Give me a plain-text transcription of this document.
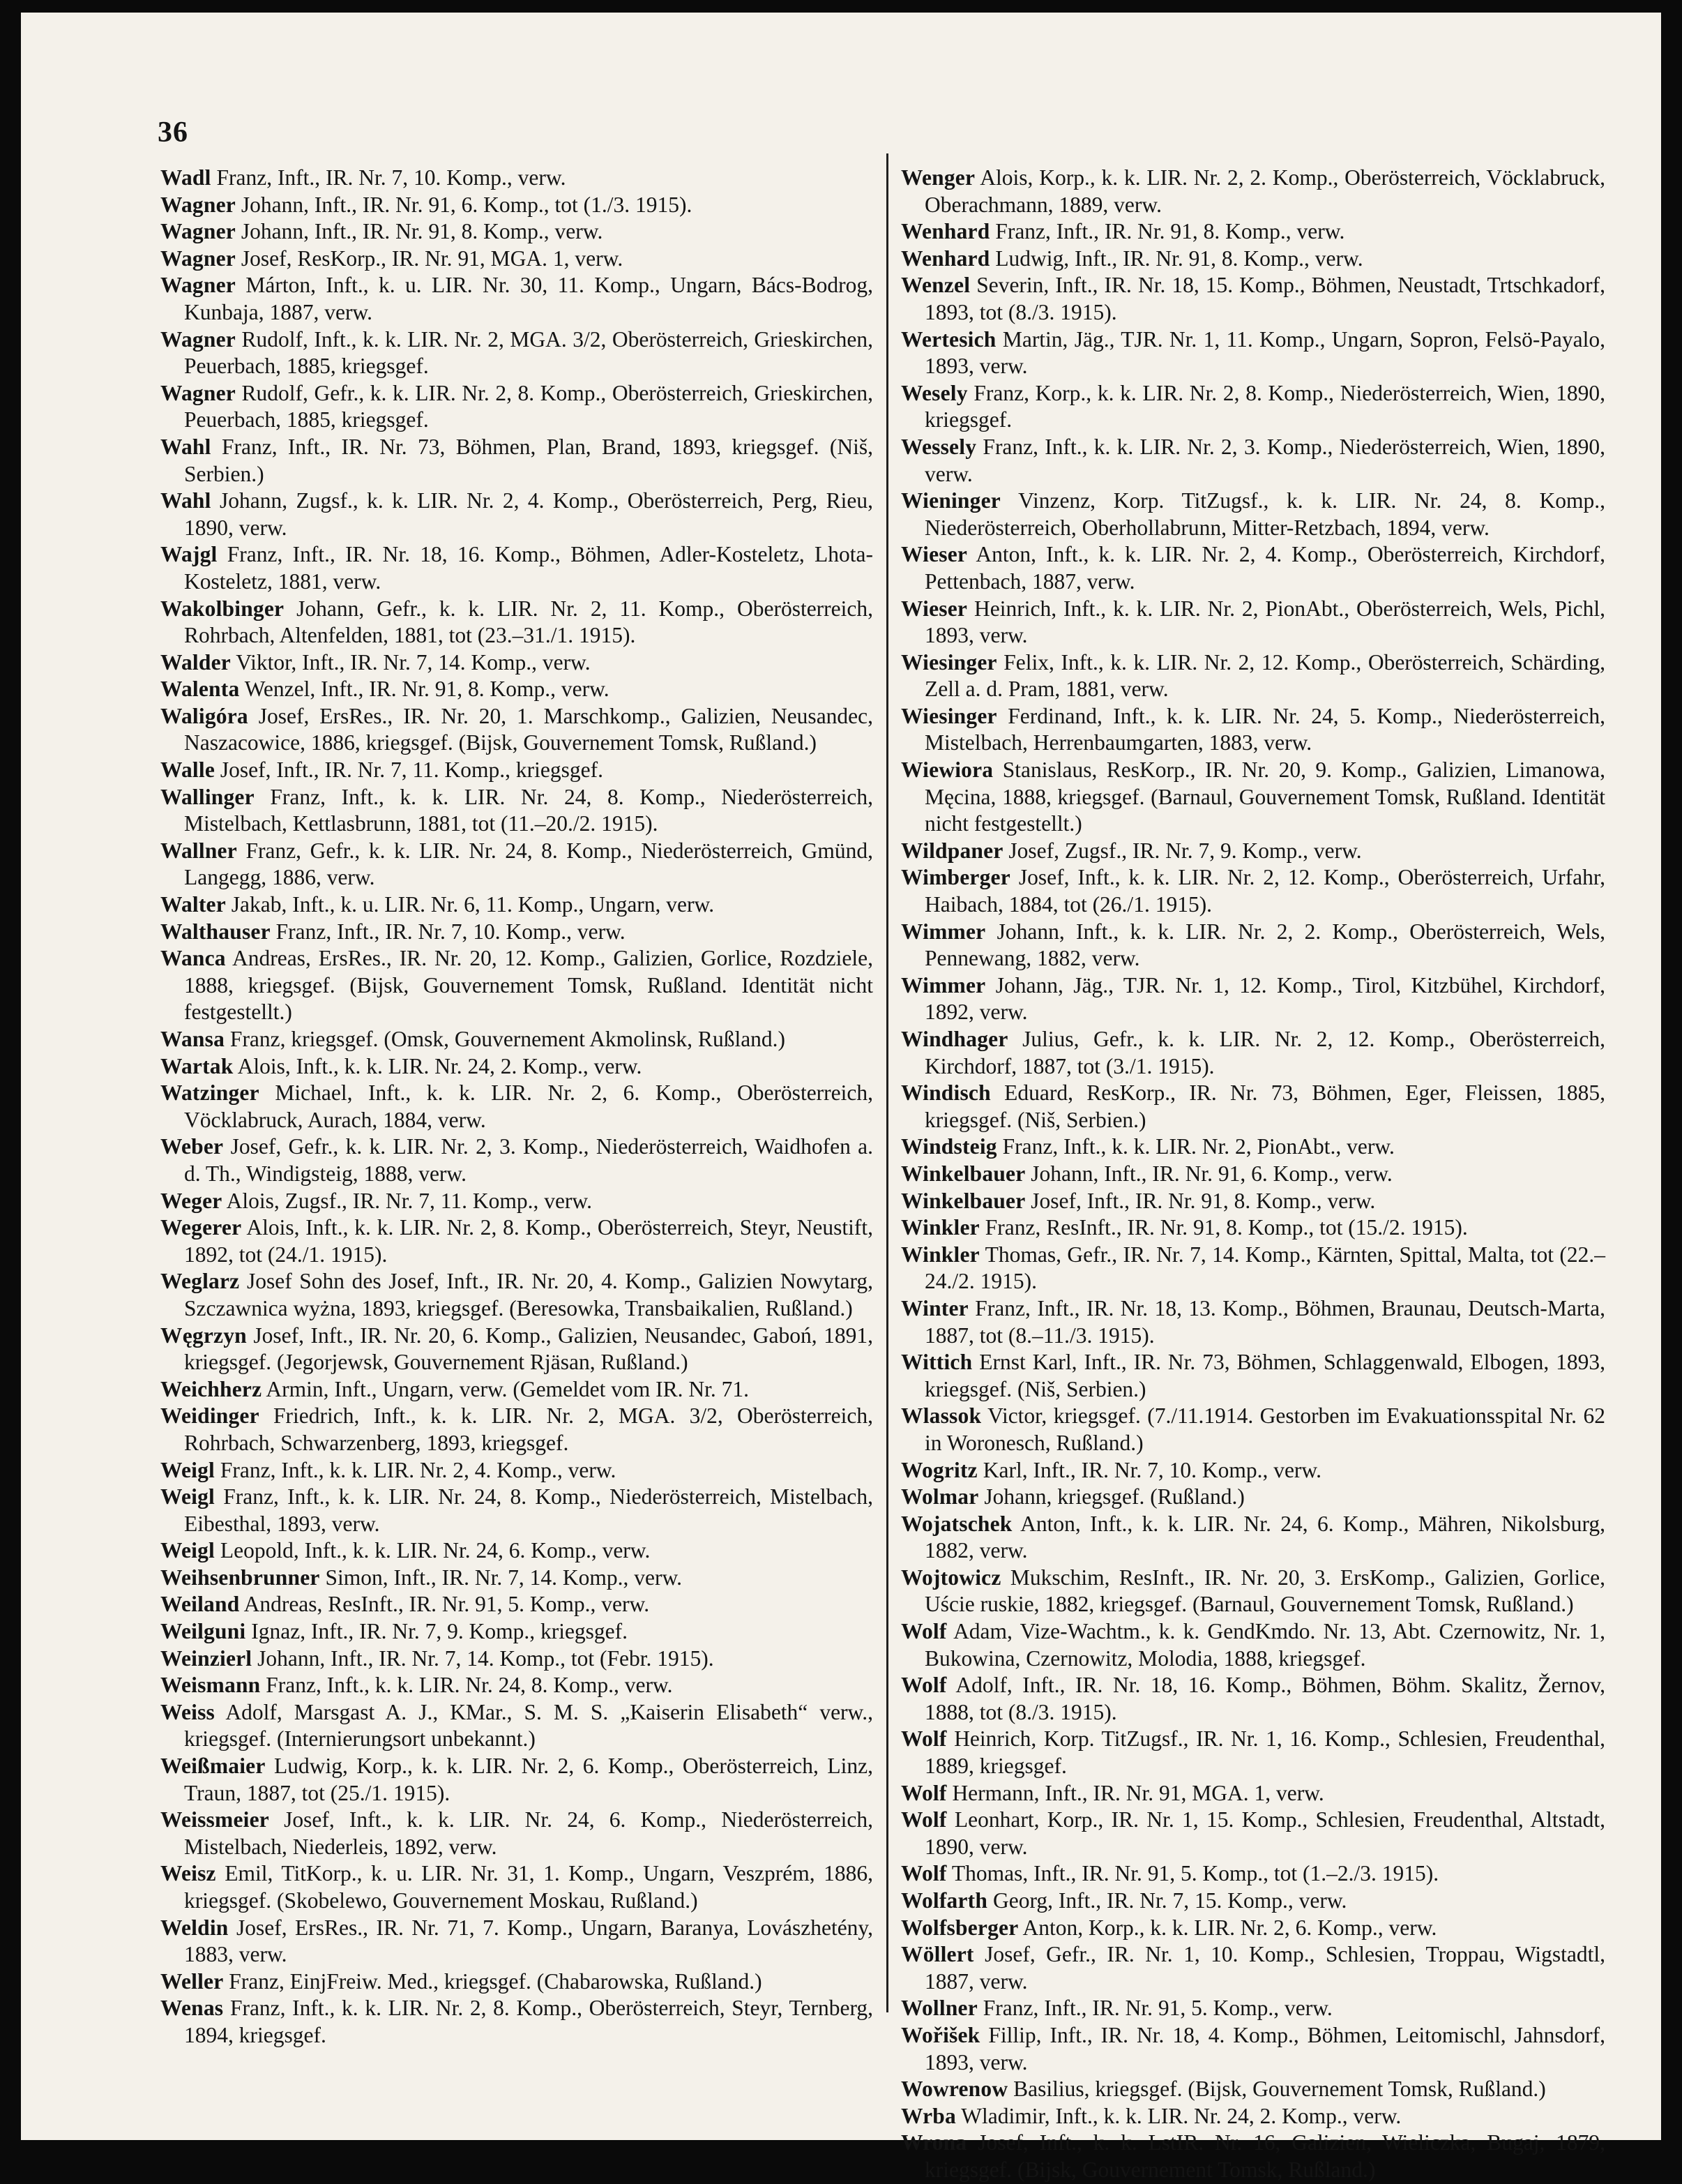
36

Wadl Franz, Inft., IR. Nr. 7, 10. Komp., verw.

Wagner Johann, Inft., IR. Nr. 91, 6. Komp., tot (1./3. 1915).

Wagner Johann, Inft., IR. Nr. 91, 8. Komp., verw.

Wagner Josef, ResKorp., IR. Nr. 91, MGA. 1, verw.

Wagner Márton, Inft., k. u. LIR. Nr. 30, 11. Komp., Ungarn, Bács-Bodrog, Kunbaja, 1887, verw.

Wagner Rudolf, Inft., k. k. LIR. Nr. 2, MGA. 3/2, Oberösterreich, Grieskirchen, Peuerbach, 1885, kriegsgef.

Wagner Rudolf, Gefr., k. k. LIR. Nr. 2, 8. Komp., Oberösterreich, Grieskirchen, Peuerbach, 1885, kriegsgef.

Wahl Franz, Inft., IR. Nr. 73, Böhmen, Plan, Brand, 1893, kriegsgef. (Niš, Serbien.)

Wahl Johann, Zugsf., k. k. LIR. Nr. 2, 4. Komp., Oberösterreich, Perg, Rieu, 1890, verw.

Wajgl Franz, Inft., IR. Nr. 18, 16. Komp., Böhmen, Adler-Kosteletz, Lhota-Kosteletz, 1881, verw.

Wakolbinger Johann, Gefr., k. k. LIR. Nr. 2, 11. Komp., Oberösterreich, Rohrbach, Altenfelden, 1881, tot (23.–31./1. 1915).

Walder Viktor, Inft., IR. Nr. 7, 14. Komp., verw.

Walenta Wenzel, Inft., IR. Nr. 91, 8. Komp., verw.

Waligóra Josef, ErsRes., IR. Nr. 20, 1. Marschkomp., Galizien, Neusandec, Naszacowice, 1886, kriegsgef. (Bijsk, Gouvernement Tomsk, Rußland.)

Walle Josef, Inft., IR. Nr. 7, 11. Komp., kriegsgef.

Wallinger Franz, Inft., k. k. LIR. Nr. 24, 8. Komp., Niederösterreich, Mistelbach, Kettlasbrunn, 1881, tot (11.–20./2. 1915).

Wallner Franz, Gefr., k. k. LIR. Nr. 24, 8. Komp., Niederösterreich, Gmünd, Langegg, 1886, verw.

Walter Jakab, Inft., k. u. LIR. Nr. 6, 11. Komp., Ungarn, verw.

Walthauser Franz, Inft., IR. Nr. 7, 10. Komp., verw.

Wanca Andreas, ErsRes., IR. Nr. 20, 12. Komp., Galizien, Gorlice, Rozdziele, 1888, kriegsgef. (Bijsk, Gouvernement Tomsk, Rußland. Identität nicht festgestellt.)

Wansa Franz, kriegsgef. (Omsk, Gouvernement Akmolinsk, Rußland.)

Wartak Alois, Inft., k. k. LIR. Nr. 24, 2. Komp., verw.

Watzinger Michael, Inft., k. k. LIR. Nr. 2, 6. Komp., Oberösterreich, Vöcklabruck, Aurach, 1884, verw.

Weber Josef, Gefr., k. k. LIR. Nr. 2, 3. Komp., Niederösterreich, Waidhofen a. d. Th., Windigsteig, 1888, verw.

Weger Alois, Zugsf., IR. Nr. 7, 11. Komp., verw.

Wegerer Alois, Inft., k. k. LIR. Nr. 2, 8. Komp., Oberösterreich, Steyr, Neustift, 1892, tot (24./1. 1915).

Weglarz Josef Sohn des Josef, Inft., IR. Nr. 20, 4. Komp., Galizien Nowytarg, Szczawnica wyżna, 1893, kriegsgef. (Beresowka, Transbaikalien, Rußland.)

Węgrzyn Josef, Inft., IR. Nr. 20, 6. Komp., Galizien, Neusandec, Gaboń, 1891, kriegsgef. (Jegorjewsk, Gouvernement Rjäsan, Rußland.)

Weichherz Armin, Inft., Ungarn, verw. (Gemeldet vom IR. Nr. 71.

Weidinger Friedrich, Inft., k. k. LIR. Nr. 2, MGA. 3/2, Oberösterreich, Rohrbach, Schwarzenberg, 1893, kriegsgef.

Weigl Franz, Inft., k. k. LIR. Nr. 2, 4. Komp., verw.

Weigl Franz, Inft., k. k. LIR. Nr. 24, 8. Komp., Niederösterreich, Mistelbach, Eibesthal, 1893, verw.

Weigl Leopold, Inft., k. k. LIR. Nr. 24, 6. Komp., verw.

Weihsenbrunner Simon, Inft., IR. Nr. 7, 14. Komp., verw.

Weiland Andreas, ResInft., IR. Nr. 91, 5. Komp., verw.

Weilguni Ignaz, Inft., IR. Nr. 7, 9. Komp., kriegsgef.

Weinzierl Johann, Inft., IR. Nr. 7, 14. Komp., tot (Febr. 1915).

Weismann Franz, Inft., k. k. LIR. Nr. 24, 8. Komp., verw.

Weiss Adolf, Marsgast A. J., KMar., S. M. S. „Kaiserin Elisabeth“ verw., kriegsgef. (Internierungsort unbekannt.)

Weißmaier Ludwig, Korp., k. k. LIR. Nr. 2, 6. Komp., Oberösterreich, Linz, Traun, 1887, tot (25./1. 1915).

Weissmeier Josef, Inft., k. k. LIR. Nr. 24, 6. Komp., Niederösterreich, Mistelbach, Niederleis, 1892, verw.

Weisz Emil, TitKorp., k. u. LIR. Nr. 31, 1. Komp., Ungarn, Veszprém, 1886, kriegsgef. (Skobelewo, Gouvernement Moskau, Rußland.)

Weldin Josef, ErsRes., IR. Nr. 71, 7. Komp., Ungarn, Baranya, Lovászhetény, 1883, verw.

Weller Franz, EinjFreiw. Med., kriegsgef. (Chabarowska, Rußland.)

Wenas Franz, Inft., k. k. LIR. Nr. 2, 8. Komp., Oberösterreich, Steyr, Ternberg, 1894, kriegsgef.

Wenger Alois, Korp., k. k. LIR. Nr. 2, 2. Komp., Oberösterreich, Vöcklabruck, Oberachmann, 1889, verw.

Wenhard Franz, Inft., IR. Nr. 91, 8. Komp., verw.

Wenhard Ludwig, Inft., IR. Nr. 91, 8. Komp., verw.

Wenzel Severin, Inft., IR. Nr. 18, 15. Komp., Böhmen, Neustadt, Trtschkadorf, 1893, tot (8./3. 1915).

Wertesich Martin, Jäg., TJR. Nr. 1, 11. Komp., Ungarn, Sopron, Felsö-Payalo, 1893, verw.

Wesely Franz, Korp., k. k. LIR. Nr. 2, 8. Komp., Niederösterreich, Wien, 1890, kriegsgef.

Wessely Franz, Inft., k. k. LIR. Nr. 2, 3. Komp., Niederösterreich, Wien, 1890, verw.

Wieninger Vinzenz, Korp. TitZugsf., k. k. LIR. Nr. 24, 8. Komp., Niederösterreich, Oberhollabrunn, Mitter-Retzbach, 1894, verw.

Wieser Anton, Inft., k. k. LIR. Nr. 2, 4. Komp., Oberösterreich, Kirchdorf, Pettenbach, 1887, verw.

Wieser Heinrich, Inft., k. k. LIR. Nr. 2, PionAbt., Oberösterreich, Wels, Pichl, 1893, verw.

Wiesinger Felix, Inft., k. k. LIR. Nr. 2, 12. Komp., Oberösterreich, Schärding, Zell a. d. Pram, 1881, verw.

Wiesinger Ferdinand, Inft., k. k. LIR. Nr. 24, 5. Komp., Niederösterreich, Mistelbach, Herrenbaumgarten, 1883, verw.

Wiewiora Stanislaus, ResKorp., IR. Nr. 20, 9. Komp., Galizien, Limanowa, Męcina, 1888, kriegsgef. (Barnaul, Gouvernement Tomsk, Rußland. Identität nicht festgestellt.)

Wildpaner Josef, Zugsf., IR. Nr. 7, 9. Komp., verw.

Wimberger Josef, Inft., k. k. LIR. Nr. 2, 12. Komp., Oberösterreich, Urfahr, Haibach, 1884, tot (26./1. 1915).

Wimmer Johann, Inft., k. k. LIR. Nr. 2, 2. Komp., Oberösterreich, Wels, Pennewang, 1882, verw.

Wimmer Johann, Jäg., TJR. Nr. 1, 12. Komp., Tirol, Kitzbühel, Kirchdorf, 1892, verw.

Windhager Julius, Gefr., k. k. LIR. Nr. 2, 12. Komp., Oberösterreich, Kirchdorf, 1887, tot (3./1. 1915).

Windisch Eduard, ResKorp., IR. Nr. 73, Böhmen, Eger, Fleissen, 1885, kriegsgef. (Niš, Serbien.)

Windsteig Franz, Inft., k. k. LIR. Nr. 2, PionAbt., verw.

Winkelbauer Johann, Inft., IR. Nr. 91, 6. Komp., verw.

Winkelbauer Josef, Inft., IR. Nr. 91, 8. Komp., verw.

Winkler Franz, ResInft., IR. Nr. 91, 8. Komp., tot (15./2. 1915).

Winkler Thomas, Gefr., IR. Nr. 7, 14. Komp., Kärnten, Spittal, Malta, tot (22.–24./2. 1915).

Winter Franz, Inft., IR. Nr. 18, 13. Komp., Böhmen, Braunau, Deutsch-Marta, 1887, tot (8.–11./3. 1915).

Wittich Ernst Karl, Inft., IR. Nr. 73, Böhmen, Schlaggenwald, Elbogen, 1893, kriegsgef. (Niš, Serbien.)

Wlassok Victor, kriegsgef. (7./11.1914. Gestorben im Evakuationsspital Nr. 62 in Woronesch, Rußland.)

Wogritz Karl, Inft., IR. Nr. 7, 10. Komp., verw.

Wolmar Johann, kriegsgef. (Rußland.)

Wojatschek Anton, Inft., k. k. LIR. Nr. 24, 6. Komp., Mähren, Nikolsburg, 1882, verw.

Wojtowicz Mukschim, ResInft., IR. Nr. 20, 3. ErsKomp., Galizien, Gorlice, Uście ruskie, 1882, kriegsgef. (Barnaul, Gouvernement Tomsk, Rußland.)

Wolf Adam, Vize-Wachtm., k. k. GendKmdo. Nr. 13, Abt. Czernowitz, Nr. 1, Bukowina, Czernowitz, Molodia, 1888, kriegsgef.

Wolf Adolf, Inft., IR. Nr. 18, 16. Komp., Böhmen, Böhm. Skalitz, Žernov, 1888, tot (8./3. 1915).

Wolf Heinrich, Korp. TitZugsf., IR. Nr. 1, 16. Komp., Schlesien, Freudenthal, 1889, kriegsgef.

Wolf Hermann, Inft., IR. Nr. 91, MGA. 1, verw.

Wolf Leonhart, Korp., IR. Nr. 1, 15. Komp., Schlesien, Freudenthal, Altstadt, 1890, verw.

Wolf Thomas, Inft., IR. Nr. 91, 5. Komp., tot (1.–2./3. 1915).

Wolfarth Georg, Inft., IR. Nr. 7, 15. Komp., verw.

Wolfsberger Anton, Korp., k. k. LIR. Nr. 2, 6. Komp., verw.

Wöllert Josef, Gefr., IR. Nr. 1, 10. Komp., Schlesien, Troppau, Wigstadtl, 1887, verw.

Wollner Franz, Inft., IR. Nr. 91, 5. Komp., verw.

Wořišek Fillip, Inft., IR. Nr. 18, 4. Komp., Böhmen, Leitomischl, Jahnsdorf, 1893, verw.

Wowrenow Basilius, kriegsgef. (Bijsk, Gouvernement Tomsk, Rußland.)

Wrba Wladimir, Inft., k. k. LIR. Nr. 24, 2. Komp., verw.

Wrona Josef, Inft., k. k. LstIR. Nr. 16, Galizien, Wieliczka, Bugaj, 1879, kriegsgef. (Bijsk, Gouvernement Tomsk, Rußland.)
